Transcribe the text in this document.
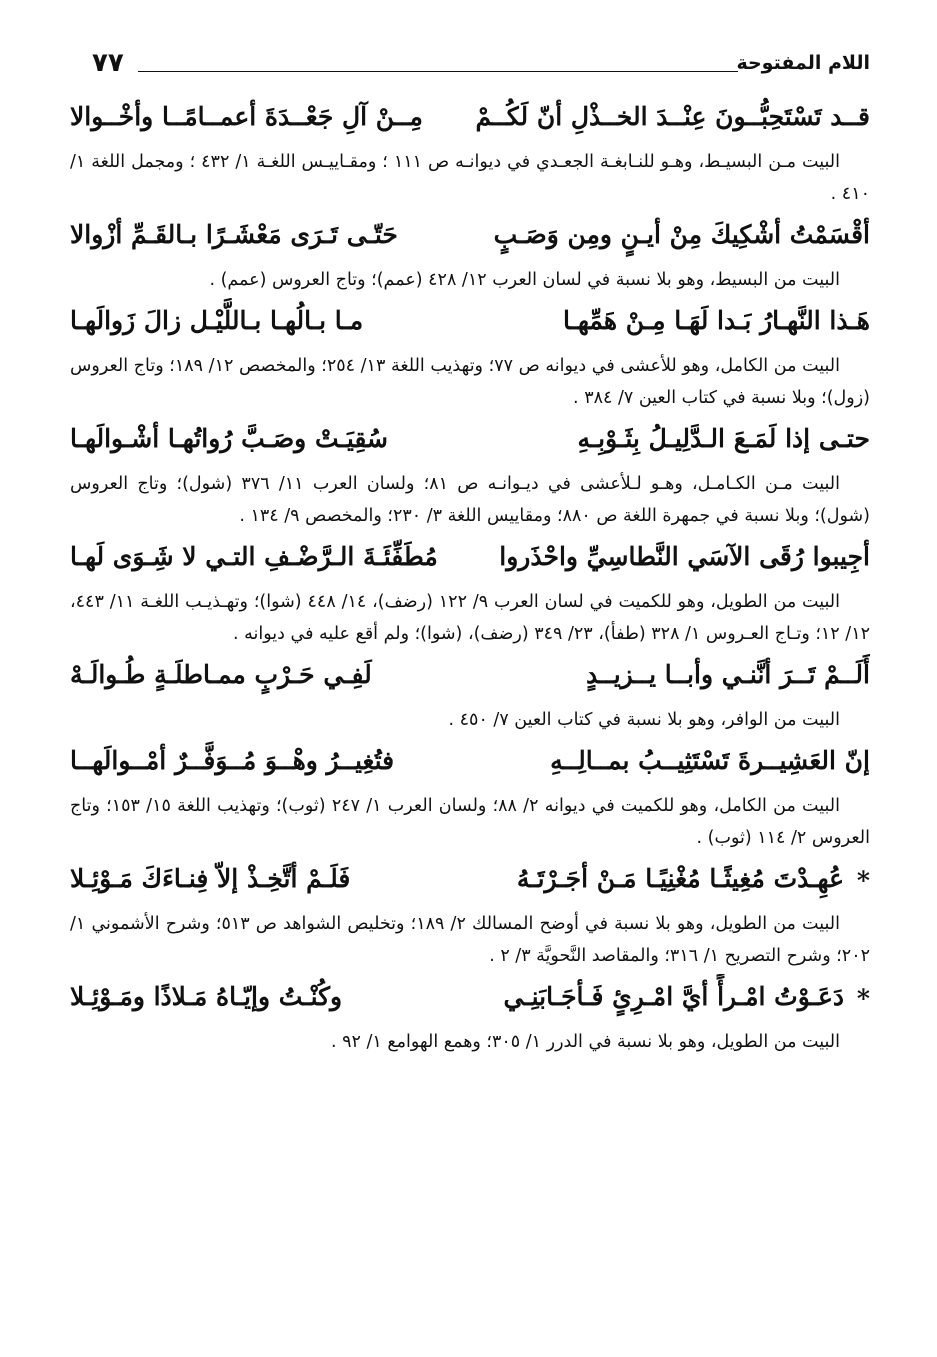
٧٧	اللام المفتوحة
قــد تَسْتَحِبُّــونَ عِنْــدَ الخــذْلِ أنّ لَكُــمْ
مِــنْ آلِ جَعْــدَةَ أعمــامًــا وأخْــوالا

البيت مـن البسيـط، وهـو للنـابغـة الجعـدي في ديوانـه ص ١١١ ؛ ومقـاييـس اللغـة ١/ ٤٣٢ ؛ ومجمل اللغة ١/ ٤١٠ .

أقْسَمْتُ أشْكِيكَ مِنْ أيـنٍ ومِن وَصَـبٍ
حَتّـى تَـرَى مَعْشَـرًا بـالقَـمِّ أزْوالا

البيت من البسيط، وهو بلا نسبة في لسان العرب ١٢/ ٤٢٨ (عمم)؛ وتاج العروس (عمم) .

هَـذا النَّهـارُ بَـدا لَهَـا مِـنْ هَمِّهـا
مـا بـالُهـا بـاللَّيْـل زالَ زَوالَهـا

البيت من الكامل، وهو للأعشى في ديوانه ص ٧٧؛ وتهذيب اللغة ١٣/ ٢٥٤؛ والمخصص ١٢/ ١٨٩؛ وتاج العروس (زول)؛ وبلا نسبة في كتاب العين ٧/ ٣٨٤ .

حتـى إذا لَمَـعَ الـدَّلِيـلُ بِثَـوْبِـهِ
سُقِيَـتْ وصَـبَّ رُواتُهـا أشْـوالَهـا

البيت مـن الكـامـل، وهـو لـلأعشى في ديـوانـه ص ٨١؛ ولسان العرب ١١/ ٣٧٦ (شول)؛ وتاج العروس (شول)؛ وبلا نسبة في جمهرة اللغة ص ٨٨٠؛ ومقاييس اللغة ٣/ ٢٣٠؛ والمخصص ٩/ ١٣٤ .

أجِيبوا رُقَى الآسَي النَّطاسِيِّ واحْذَروا
مُطَفِّئَـةَ الـرَّضْـفِ التـي لا شَِـوَى لَهـا

البيت من الطويل، وهو للكميت في لسان العرب ٩/ ١٢٢ (رضف)، ١٤/ ٤٤٨ (شوا)؛ وتهـذيـب اللغـة ١١/ ٤٤٣، ١٢/ ١٢؛ وتـاج العـروس ١/ ٣٢٨ (طفأ)، ٢٣/ ٣٤٩ (رضف)، (شوا)؛ ولم أقع عليه في ديوانه .

أَلَــمْ تَــرَ أنَّنـي وأبــا يــزيــدٍ
لَفِـي حَـرْبٍ ممـاطلَـةٍ طُـوالَـهْ

البيت من الوافر، وهو بلا نسبة في كتاب العين ٧/ ٤٥٠ .

إنّ العَشِيــرةَ تَسْتَثِيــبُ بمــالِــهِ
فتُغِيــرُ وهْــوَ مُــوَفَّــرٌ أمْــوالَهــا

البيت من الكامل، وهو للكميت في ديوانه ٢/ ٨٨؛ ولسان العرب ١/ ٢٤٧ (ثوب)؛ وتهذيب اللغة ١٥/ ١٥٣؛ وتاج العروس ٢/ ١١٤ (ثوب) .

*
عُهِـدْتَ مُغِيثًـا مُغْنِيًـا مَـنْ أجَـرْتَـهُ
فَلَـمْ أتَّخِـذْ إلاّ فِنـاءَكَ مَـوْئِـلا

البيت من الطويل، وهو بلا نسبة في أوضح المسالك ٢/ ١٨٩؛ وتخليص الشواهد ص ٥١٣؛ وشرح الأشموني ١/ ٢٠٢؛ وشرح التصريح ١/ ٣١٦؛ والمقاصد النَّحويَّة ٣/ ٢ .

*
دَعَـوْتُ امْـرأً أيَّ امْـرِئٍ فَـأجَـابَنِـي
وكُنْـتُ وإيّـاهُ مَـلاذًا ومَـوْئِـلا

البيت من الطويل، وهو بلا نسبة في الدرر ١/ ٣٠٥؛ وهمع الهوامع ١/ ٩٢ .
